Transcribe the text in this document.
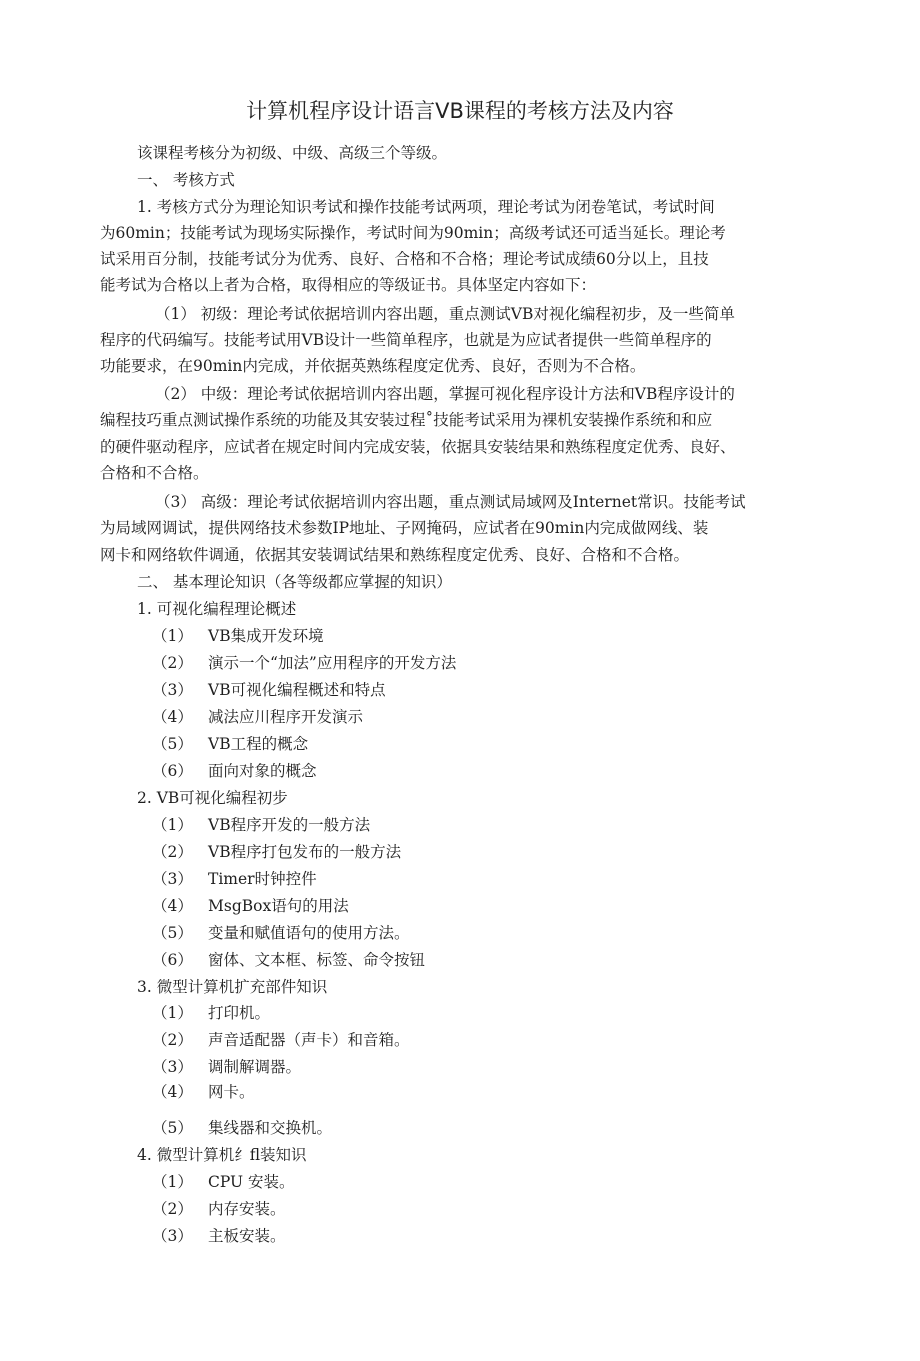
计算机程序设计语言VB课程的考核方法及内容
该课程考核分为初级、中级、高级三个等级。
一、 考核方式
1. 考核方式分为理论知识考试和操作技能考试两项，理论考试为闭卷笔试，考试时间
为60min；技能考试为现场实际操作，考试时间为90min；高级考试还可适当延长。理论考
试采用百分制，技能考试分为优秀、良好、合格和不合格；理论考试成绩60分以上，且技
能考试为合格以上者为合格，取得相应的等级证书。具体坚定内容如下：
（1） 初级：理论考试依据培训内容出题，重点测试VB对视化编程初步，及一些简单
程序的代码编写。技能考试用VB设计一些简单程序，也就是为应试者提供一些简单程序的
功能要求，在90min内完成，并依据英熟练程度定优秀、良好，否则为不合格。
（2） 中级：理论考试依据培训内容出题，掌握可视化程序设计方法和VB程序设计的
编程技巧重点测试操作系统的功能及其安装过程˚技能考试采用为裸机安装操作系统和和应
的硬件驱动程序，应试者在规定时间内完成安装，依据具安装结果和熟练程度定优秀、良好、
合格和不合格。
（3） 高级：理论考试依据培训内容出题，重点测试局域网及Internet常识。技能考试
为局域网调试，提供网络技术参数IP地址、子网掩码，应试者在90min内完成做网线、装
网卡和网络软件调通，依据其安装调试结果和熟练程度定优秀、良好、合格和不合格。
二、 基本理论知识（各等级都应掌握的知识）
1. 可视化编程理论概述
（1） VB集成开发环境
（2） 演示一个“加法”应用程序的开发方法
（3） VB可视化编程概述和特点
（4） 减法应川程序开发演示
（5） VB工程的概念
（6） 面向对象的概念
2. VB可视化编程初步
（1） VB程序开发的一般方法
（2） VB程序打包发布的一般方法
（3） Timer时钟控件
（4） MsgBox语句的用法
（5） 变量和赋值语句的使用方法。
（6） 窗体、文本框、标签、命令按钮
3. 微型计算机扩充部件知识
（1） 打印机。
（2） 声音适配器（声卡）和音箱。
（3） 调制解调器。
（4） 网卡。
（5） 集线器和交换机。
4. 微型计算机纟fl装知识
（1） CPU 安装。
（2） 内存安装。
（3） 主板安装。
